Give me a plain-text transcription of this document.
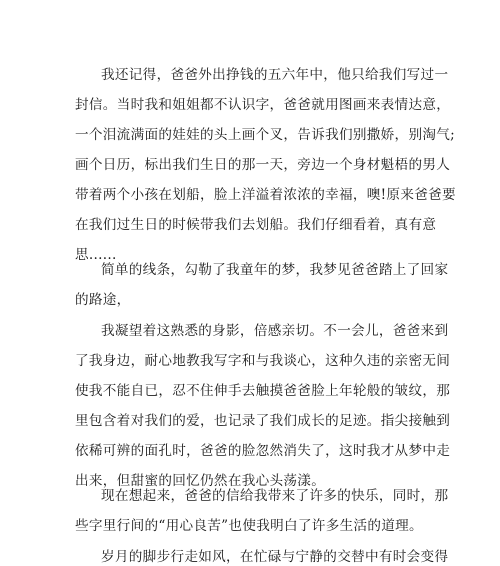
我还记得，爸爸外出挣钱的五六年中，他只给我们写过一
封信。当时我和姐姐都不认识字，爸爸就用图画来表情达意，
一个泪流满面的娃娃的头上画个叉，告诉我们别撒娇，别淘气;
画个日历，标出我们生日的那一天，旁边一个身材魁梧的男人
带着两个小孩在划船，脸上洋溢着浓浓的幸福，噢!原来爸爸要
在我们过生日的时候带我们去划船。我们仔细看着，真有意
思......
简单的线条，勾勒了我童年的梦，我梦见爸爸踏上了回家
的路途，
我凝望着这熟悉的身影，倍感亲切。不一会儿，爸爸来到
了我身边，耐心地教我写字和与我谈心，这种久违的亲密无间
使我不能自已，忍不住伸手去触摸爸爸脸上年轮般的皱纹，那
里包含着对我们的爱，也记录了我们成长的足迹。指尖接触到
依稀可辨的面孔时，爸爸的脸忽然消失了，这时我才从梦中走
出来，但甜蜜的回忆仍然在我心头荡漾。
现在想起来，爸爸的信给我带来了许多的快乐，同时，那
些字里行间的“用心良苦”也使我明白了许多生活的道理。
岁月的脚步行走如风，在忙碌与宁静的交替中有时会变得
